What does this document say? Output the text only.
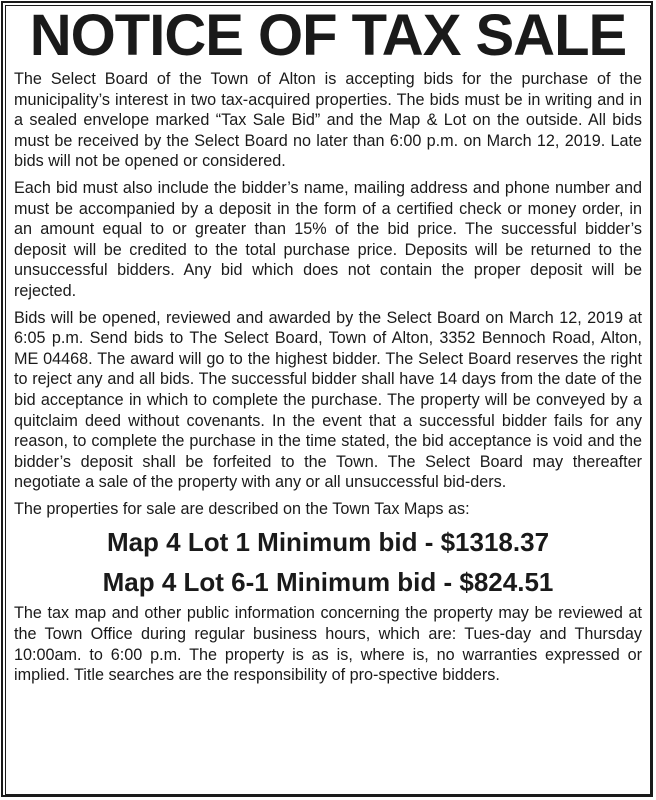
NOTICE OF TAX SALE

The Select Board of the Town of Alton is accepting bids for the purchase of the municipality’s interest in two tax-acquired properties. The bids must be in writing and in a sealed envelope marked “Tax Sale Bid” and the Map & Lot on the outside. All bids must be received by the Select Board no later than 6:00 p.m. on March 12, 2019. Late bids will not be opened or considered.

Each bid must also include the bidder’s name, mailing address and phone number and must be accompanied by a deposit in the form of a certified check or money order, in an amount equal to or greater than 15% of the bid price. The successful bidder’s deposit will be credited to the total purchase price. Deposits will be returned to the unsuccessful bidders. Any bid which does not contain the proper deposit will be rejected.

Bids will be opened, reviewed and awarded by the Select Board on March 12, 2019 at 6:05 p.m. Send bids to The Select Board, Town of Alton, 3352 Bennoch Road, Alton, ME 04468. The award will go to the highest bidder. The Select Board reserves the right to reject any and all bids. The successful bidder shall have 14 days from the date of the bid acceptance in which to complete the purchase. The property will be conveyed by a quitclaim deed without covenants. In the event that a successful bidder fails for any reason, to complete the purchase in the time stated, the bid acceptance is void and the bidder’s deposit shall be forfeited to the Town. The Select Board may thereafter negotiate a sale of the property with any or all unsuccessful bid-ders.

The properties for sale are described on the Town Tax Maps as:

Map 4 Lot 1 Minimum bid - $1318.37

Map 4 Lot 6-1 Minimum bid - $824.51

The tax map and other public information concerning the property may be reviewed at the Town Office during regular business hours, which are: Tues-day and Thursday 10:00am. to 6:00 p.m. The property is as is, where is, no warranties expressed or implied. Title searches are the responsibility of pro-spective bidders.
